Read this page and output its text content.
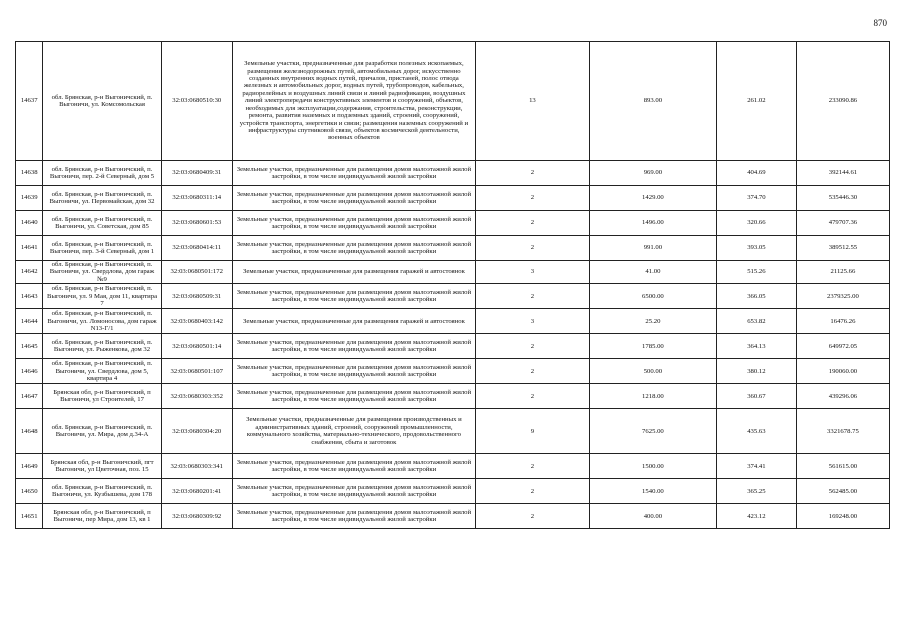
870
14637	обл. Брянская, р-н Выгоничский, п. Выгоничи, ул. Комсомольская	32:03:0680510:30	Земельные участки, предназначенные для разработки полезных ископаемых, размещения железнодорожных путей, автомобильных дорог, искусственно созданных внутренних водных путей, причалов, пристаней, полос отвода железных и автомобильных дорог, водных путей, трубопроводов, кабельных, радиорелейных и воздушных линий связи и линий радиофикации, воздушных линий электропередачи конструктивных элементов и сооружений, объектов, необходимых для эксплуатации,содержания, строительства, реконструкции, ремонта, развития наземных и подземных зданий, строений, сооружений, устройств транспорта, энергетики и связи; размещения наземных сооружений и инфраструктуры спутниковой связи, объектов космической деятельности, военных объектов	13	893.00	261.02	233090.86
14638	обл. Брянская, р-н Выгоничский, п. Выгоничи, пер. 2-й Северный, дом 5	32:03:0680409:31	Земельные участки, предназначенные для размещения домов малоэтажной жилой застройки, в том числе индивидуальной жилой застройки	2	969.00	404.69	392144.61
14639	обл. Брянская, р-н Выгоничский, п. Выгоничи, ул. Первомайская, дом 32	32:03:0680311:14	Земельные участки, предназначенные для размещения домов малоэтажной жилой застройки, в том числе индивидуальной жилой застройки	2	1429.00	374.70	535446.30
14640	обл. Брянская, р-н Выгоничский, п. Выгоничи, ул. Советская, дом 85	32:03:0680601:53	Земельные участки, предназначенные для размещения домов малоэтажной жилой застройки, в том числе индивидуальной жилой застройки	2	1496.00	320.66	479707.36
14641	обл. Брянская, р-н Выгоничский, п. Выгоничи, пер. 3-й Северный, дом 1	32:03:0680414:11	Земельные участки, предназначенные для размещения домов малоэтажной жилой застройки, в том числе индивидуальной жилой застройки	2	991.00	393.05	389512.55
14642	обл. Брянская, р-н Выгоничский, п. Выгоничи, ул. Свердлова, дом гараж №9	32:03:0680501:172	Земельные участки, предназначенные для размещения гаражей и автостоянок	3	41.00	515.26	21125.66
14643	обл. Брянская, р-н Выгоничский, п. Выгоничи, ул. 9 Мая, дом 11, квартира 7	32:03:0680509:31	Земельные участки, предназначенные для размещения домов малоэтажной жилой застройки, в том числе индивидуальной жилой застройки	2	6500.00	366.05	2379325.00
14644	обл. Брянская, р-н Выгоничский, п. Выгоничи, ул. Ломоносова, дом гараж N13-Г/1	32:03:0680403:142	Земельные участки, предназначенные для размещения гаражей и автостоянок	3	25.20	653.82	16476.26
14645	обл. Брянская, р-н Выгоничский, п. Выгоничи, ул. Рыженкова, дом 32	32:03:0680501:14	Земельные участки, предназначенные для размещения домов малоэтажной жилой застройки, в том числе индивидуальной жилой застройки	2	1785.00	364.13	649972.05
14646	обл. Брянская, р-н Выгоничский, п. Выгоничи, ул. Свердлова, дом 5, квартира 4	32:03:0680501:107	Земельные участки, предназначенные для размещения домов малоэтажной жилой застройки, в том числе индивидуальной жилой застройки	2	500.00	380.12	190060.00
14647	Брянская обл, р-н Выгоничский, п Выгоничи, ул Строителей, 17	32:03:0680303:352	Земельные участки, предназначенные для размещения домов малоэтажной жилой застройки, в том числе индивидуальной жилой застройки	2	1218.00	360.67	439296.06
14648	обл. Брянская, р-н Выгоничский, п. Выгоничи, ул. Мира, дом д.34-А	32:03:0680304:20	Земельные участки, предназначенные для размещения производственных и административных зданий, строений, сооружений промышленности, коммунального хозяйства, материально-технического, продовольственного снабжения, сбыта и заготовок	9	7625.00	435.63	3321678.75
14649	Брянская обл, р-н Выгоничский, пгт Выгоничи, ул Цветочная, поз. 15	32:03:0680303:341	Земельные участки, предназначенные для размещения домов малоэтажной жилой застройки, в том числе индивидуальной жилой застройки	2	1500.00	374.41	561615.00
14650	обл. Брянская, р-н Выгоничский, п. Выгоничи, ул. Кузбышева, дом 178	32:03:0680201:41	Земельные участки, предназначенные для размещения домов малоэтажной жилой застройки, в том числе индивидуальной жилой застройки	2	1540.00	365.25	562485.00
14651	Брянская обл, р-н Выгоничский, п Выгоничи, пер Мира, дом 13, кв 1	32:03:0680309:92	Земельные участки, предназначенные для размещения домов малоэтажной жилой застройки, в том числе индивидуальной жилой застройки	2	400.00	423.12	169248.00
